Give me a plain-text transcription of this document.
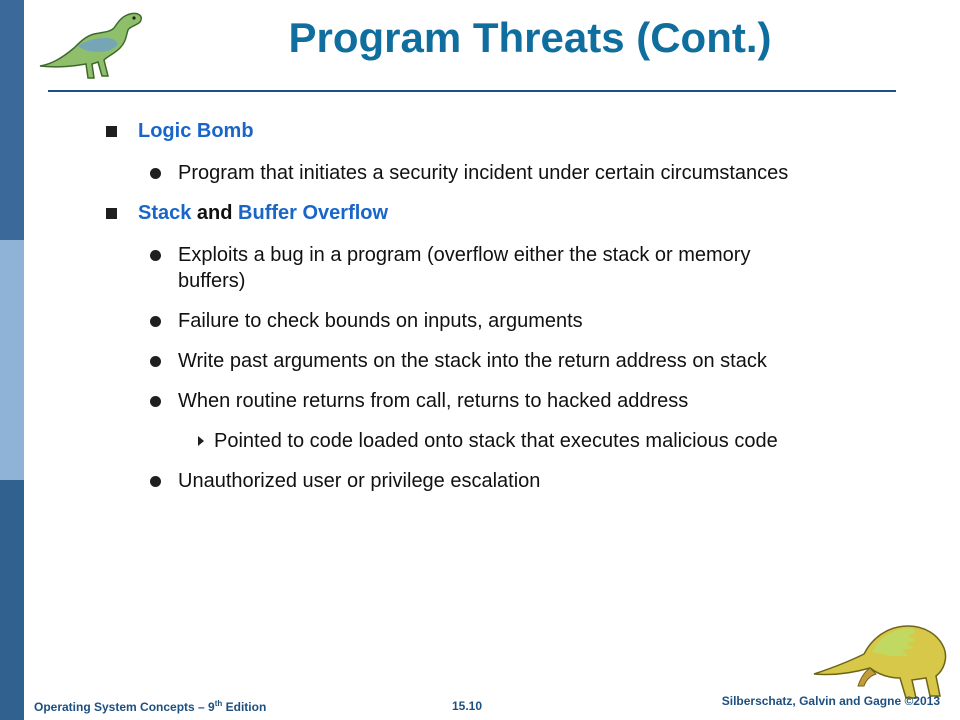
Program Threats (Cont.)

Logic Bomb

Program that initiates a security incident under certain circumstances

Stack and Buffer Overflow

Exploits a bug in a program (overflow either the stack or memory buffers)

Failure to check bounds on inputs, arguments

Write past arguments on the stack into the return address on stack

When routine returns from call, returns to hacked address

Pointed to code loaded onto stack that executes malicious code

Unauthorized user or privilege escalation

Operating System Concepts – 9th Edition	15.10	Silberschatz, Galvin and Gagne ©2013
